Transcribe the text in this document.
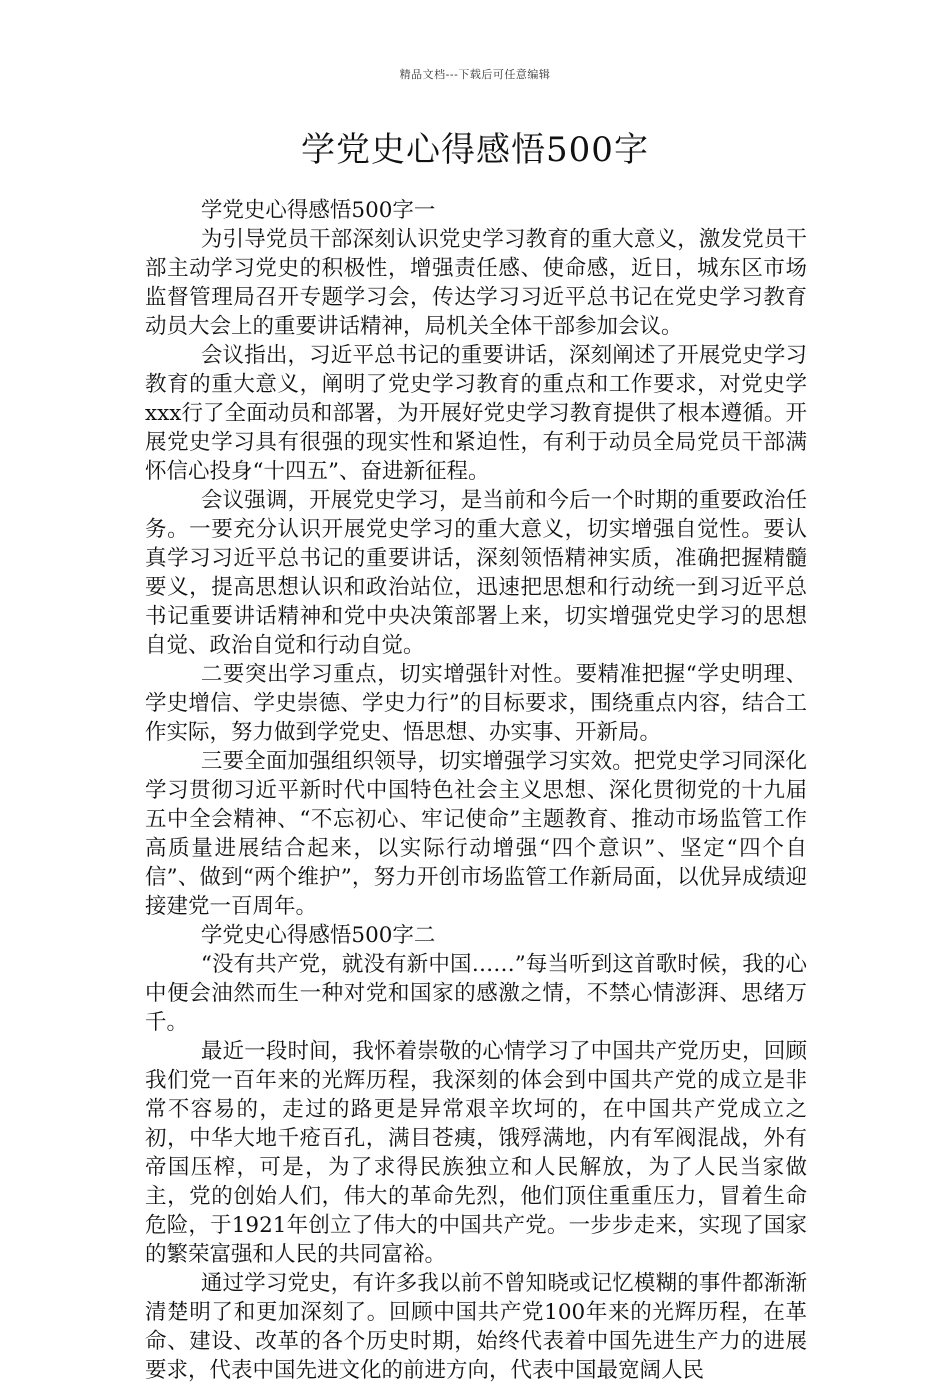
精品文档---下载后可任意编辑
学党史心得感悟500字

学党史心得感悟500字一

为引导党员干部深刻认识党史学习教育的重大意义，激发党员干部主动学习党史的积极性，增强责任感、使命感，近日，城东区市场监督管理局召开专题学习会，传达学习习近平总书记在党史学习教育动员大会上的重要讲话精神，局机关全体干部参加会议。

会议指出，习近平总书记的重要讲话，深刻阐述了开展党史学习教育的重大意义，阐明了党史学习教育的重点和工作要求，对党史学xxx行了全面动员和部署，为开展好党史学习教育提供了根本遵循。开展党史学习具有很强的现实性和紧迫性，有利于动员全局党员干部满怀信心投身“十四五”、奋进新征程。

会议强调，开展党史学习，是当前和今后一个时期的重要政治任务。一要充分认识开展党史学习的重大意义，切实增强自觉性。要认真学习习近平总书记的重要讲话，深刻领悟精神实质，准确把握精髓要义，提高思想认识和政治站位，迅速把思想和行动统一到习近平总书记重要讲话精神和党中央决策部署上来，切实增强党史学习的思想自觉、政治自觉和行动自觉。

二要突出学习重点，切实增强针对性。要精准把握“学史明理、学史增信、学史崇德、学史力行”的目标要求，围绕重点内容，结合工作实际，努力做到学党史、悟思想、办实事、开新局。

三要全面加强组织领导，切实增强学习实效。把党史学习同深化学习贯彻习近平新时代中国特色社会主义思想、深化贯彻党的十九届五中全会精神、“不忘初心、牢记使命”主题教育、推动市场监管工作高质量进展结合起来，以实际行动增强“四个意识”、坚定“四个自信”、做到“两个维护”，努力开创市场监管工作新局面，以优异成绩迎接建党一百周年。

学党史心得感悟500字二

“没有共产党，就没有新中国……”每当听到这首歌时候，我的心中便会油然而生一种对党和国家的感激之情，不禁心情澎湃、思绪万千。

最近一段时间，我怀着崇敬的心情学习了中国共产党历史，回顾我们党一百年来的光辉历程，我深刻的体会到中国共产党的成立是非常不容易的，走过的路更是异常艰辛坎坷的，在中国共产党成立之初，中华大地千疮百孔，满目苍痍，饿殍满地，内有军阀混战，外有帝国压榨，可是，为了求得民族独立和人民解放，为了人民当家做主，党的创始人们，伟大的革命先烈，他们顶住重重压力，冒着生命危险，于1921年创立了伟大的中国共产党。一步步走来，实现了国家的繁荣富强和人民的共同富裕。

通过学习党史，有许多我以前不曾知晓或记忆模糊的事件都渐渐清楚明了和更加深刻了。回顾中国共产党100年来的光辉历程，在革命、建设、改革的各个历史时期，始终代表着中国先进生产力的进展要求，代表中国先进文化的前进方向，代表中国最宽阔人民
